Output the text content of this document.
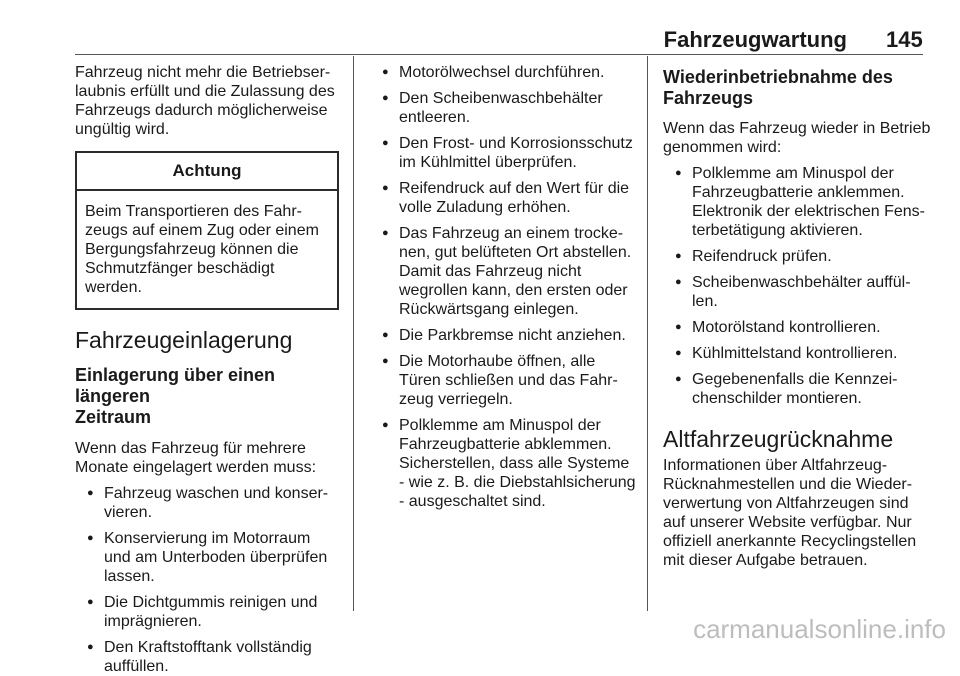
Fahrzeugwartung 145

Fahrzeug nicht mehr die Betriebser-

laubnis erfüllt und die Zulassung des

Fahrzeugs dadurch möglicherweise

ungültig wird.

Achtung

Beim Transportieren des Fahr-

zeugs auf einem Zug oder einem

Bergungsfahrzeug können die

Schmutzfänger beschädigt

werden.

Fahrzeugeinlagerung
Einlagerung über einen längeren
Zeitraum

Wenn das Fahrzeug für mehrere

Monate eingelagert werden muss:

● Fahrzeug waschen und konser-

vieren.

● Konservierung im Motorraum

und am Unterboden überprüfen

lassen.

● Die Dichtgummis reinigen und

imprägnieren.

● Den Kraftstofftank vollständig

auffüllen.

● Motorölwechsel durchführen.

● Den Scheibenwaschbehälter

entleeren.

● Den Frost- und Korrosionsschutz

im Kühlmittel überprüfen.

● Reifendruck auf den Wert für die

volle Zuladung erhöhen.

● Das Fahrzeug an einem trocke-

nen, gut belüfteten Ort abstellen.

Damit das Fahrzeug nicht

wegrollen kann, den ersten oder

Rückwärtsgang einlegen.

● Die Parkbremse nicht anziehen.

● Die Motorhaube öffnen, alle

Türen schließen und das Fahr-

zeug verriegeln.

● Polklemme am Minuspol der

Fahrzeugbatterie abklemmen.

Sicherstellen, dass alle Systeme

- wie z. B. die Diebstahlsicherung

- ausgeschaltet sind.

Wiederinbetriebnahme des
Fahrzeugs

Wenn das Fahrzeug wieder in Betrieb

genommen wird:

● Polklemme am Minuspol der

Fahrzeugbatterie anklemmen.

Elektronik der elektrischen Fens-

terbetätigung aktivieren.

● Reifendruck prüfen.

● Scheibenwaschbehälter auffül-

len.

● Motorölstand kontrollieren.

● Kühlmittelstand kontrollieren.

● Gegebenenfalls die Kennzei-

chenschilder montieren.

Altfahrzeugrücknahme

Informationen über Altfahrzeug-

Rücknahmestellen und die Wieder-

verwertung von Altfahrzeugen sind

auf unserer Website verfügbar. Nur

offiziell anerkannte Recyclingstellen

mit dieser Aufgabe betrauen.

carmanualsonline.info
